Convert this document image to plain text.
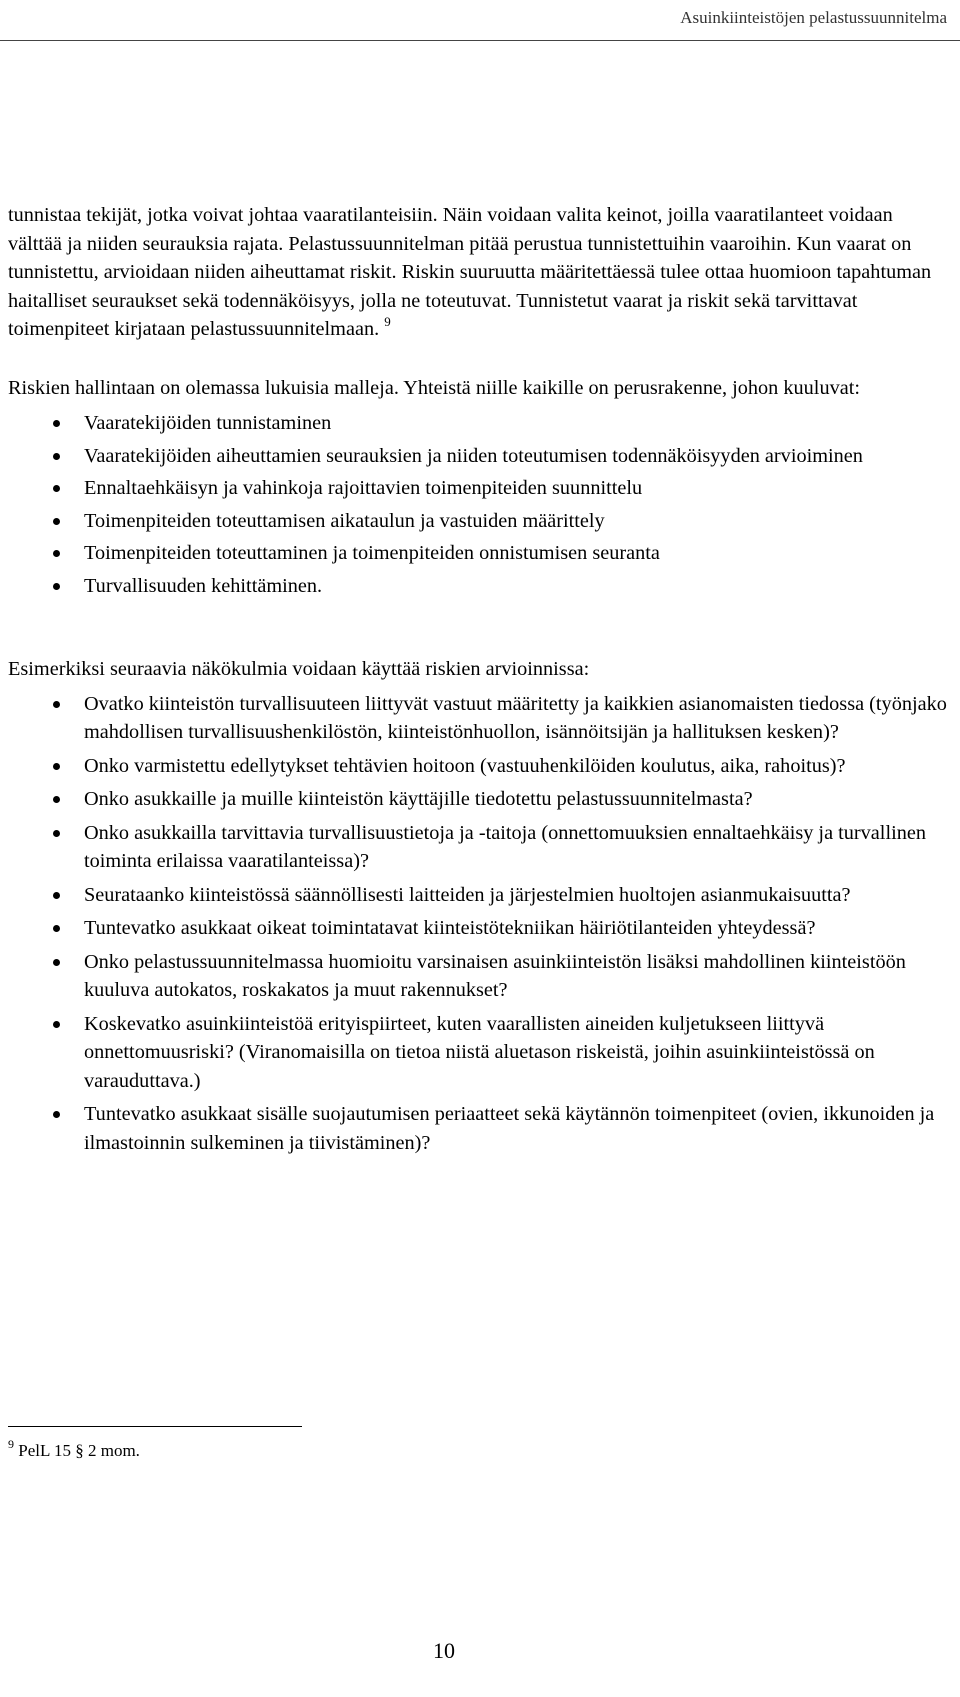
Asuinkiinteistöjen pelastussuunnitelma

tunnistaa tekijät, jotka voivat johtaa vaaratilanteisiin. Näin voidaan valita keinot, joilla vaaratilanteet voidaan välttää ja niiden seurauksia rajata. Pelastussuunnitelman pitää perustua tunnistettuihin vaaroihin. Kun vaarat on tunnistettu, arvioidaan niiden aiheuttamat riskit. Riskin suuruutta määritettäessä tulee ottaa huomioon tapahtuman haitalliset seuraukset sekä todennäköisyys, jolla ne toteutuvat. Tunnistetut vaarat ja riskit sekä tarvittavat toimenpiteet kirjataan pelastussuunnitelmaan. $^9$

Riskien hallintaan on olemassa lukuisia malleja. Yhteistä niille kaikille on perusrakenne, johon kuuluvat:

Vaaratekijöiden tunnistaminen
Vaaratekijöiden aiheuttamien seurauksien ja niiden toteutumisen todennäköisyyden arvioiminen
Ennaltaehkäisyn ja vahinkoja rajoittavien toimenpiteiden suunnittelu
Toimenpiteiden toteuttamisen aikataulun ja vastuiden määrittely
Toimenpiteiden toteuttaminen ja toimenpiteiden onnistumisen seuranta
Turvallisuuden kehittäminen.

Esimerkiksi seuraavia näkökulmia voidaan käyttää riskien arvioinnissa:

Ovatko kiinteistön turvallisuuteen liittyvät vastuut määritetty ja kaikkien asianomaisten tiedossa (työnjako mahdollisen turvallisuushenkilöstön, kiinteistönhuollon, isännöitsijän ja hallituksen kesken)?
Onko varmistettu edellytykset tehtävien hoitoon (vastuuhenkilöiden koulutus, aika, rahoitus)?
Onko asukkaille ja muille kiinteistön käyttäjille tiedotettu pelastussuunnitelmasta?
Onko asukkailla tarvittavia turvallisuustietoja ja -taitoja (onnettomuuksien ennaltaehkäisy ja turvallinen toiminta erilaissa vaaratilanteissa)?
Seurataanko kiinteistössä säännöllisesti laitteiden ja järjestelmien huoltojen asianmukaisuutta?
Tuntevatko asukkaat oikeat toimintatavat kiinteistötekniikan häiriötilanteiden yhteydessä?
Onko pelastussuunnitelmassa huomioitu varsinaisen asuinkiinteistön lisäksi mahdollinen kiinteistöön kuuluva autokatos, roskakatos ja muut rakennukset?
Koskevatko asuinkiinteistöä erityispiirteet, kuten vaarallisten aineiden kuljetukseen liittyvä onnettomuusriski? (Viranomaisilla on tietoa niistä aluetason riskeistä, joihin asuinkiinteistössä on varauduttava.)
Tuntevatko asukkaat sisälle suojautumisen periaatteet sekä käytännön toimenpiteet (ovien, ikkunoiden ja ilmastoinnin sulkeminen ja tiivistäminen)?
$^9$ PelL 15 § 2 mom.
10
